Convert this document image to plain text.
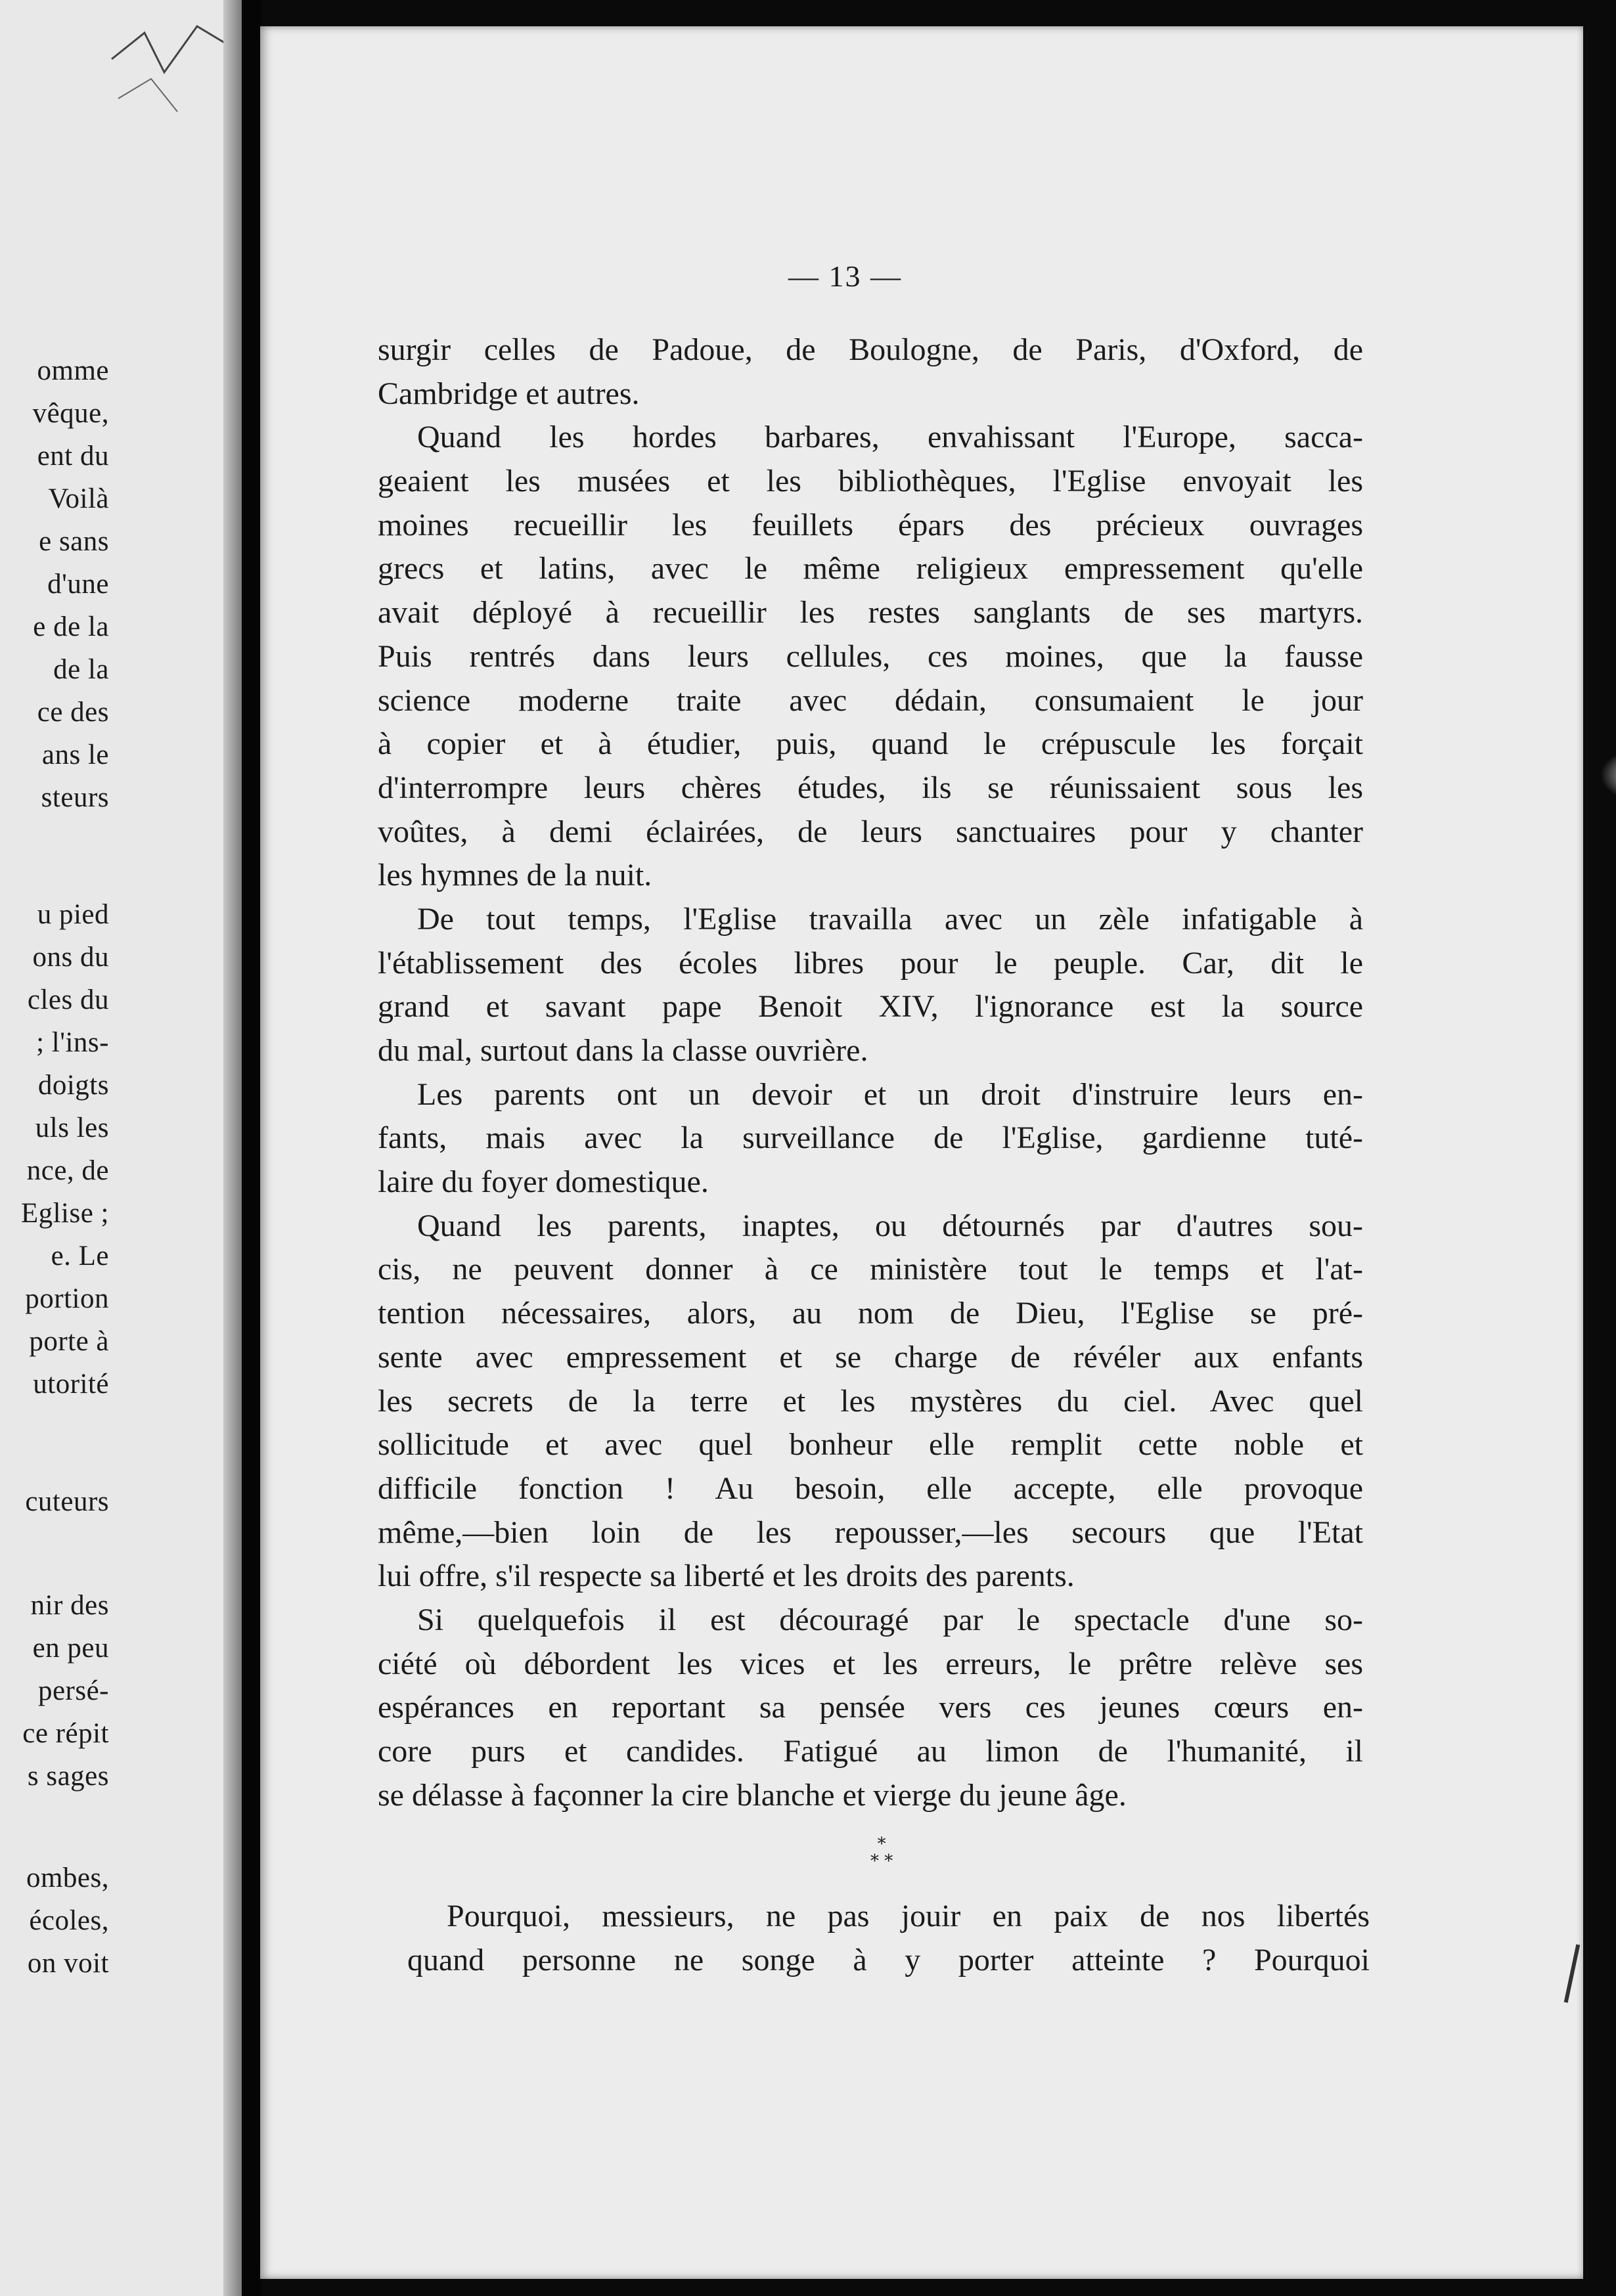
omme
vêque,
ent du
Voilà
e sans
d'une
e de la
de la
ce des
ans le
steurs
u pied
ons du
cles du
; l'ins-
doigts
uls les
nce, de
Eglise ;
e. Le
portion
porte à
utorité
cuteurs
nir des
en peu
persé-
ce répit
s sages
ombes,
écoles,
on voit
— 13 —
surgir celles de Padoue, de Boulogne, de Paris, d'Oxford, de
Cambridge et autres.
Quand les hordes barbares, envahissant l'Europe, sacca-
geaient les musées et les bibliothèques, l'Eglise envoyait les
moines recueillir les feuillets épars des précieux ouvrages
grecs et latins, avec le même religieux empressement qu'elle
avait déployé à recueillir les restes sanglants de ses martyrs.
Puis rentrés dans leurs cellules, ces moines, que la fausse
science moderne traite avec dédain, consumaient le jour
à copier et à étudier, puis, quand le crépuscule les forçait
d'interrompre leurs chères études, ils se réunissaient sous les
voûtes, à demi éclairées, de leurs sanctuaires pour y chanter
les hymnes de la nuit.
De tout temps, l'Eglise travailla avec un zèle infatigable à
l'établissement des écoles libres pour le peuple. Car, dit le
grand et savant pape Benoit XIV, l'ignorance est la source
du mal, surtout dans la classe ouvrière.
Les parents ont un devoir et un droit d'instruire leurs en-
fants, mais avec la surveillance de l'Eglise, gardienne tuté-
laire du foyer domestique.
Quand les parents, inaptes, ou détournés par d'autres sou-
cis, ne peuvent donner à ce ministère tout le temps et l'at-
tention nécessaires, alors, au nom de Dieu, l'Eglise se pré-
sente avec empressement et se charge de révéler aux enfants
les secrets de la terre et les mystères du ciel. Avec quel
sollicitude et avec quel bonheur elle remplit cette noble et
difficile fonction ! Au besoin, elle accepte, elle provoque
même,—bien loin de les repousser,—les secours que l'Etat
lui offre, s'il respecte sa liberté et les droits des parents.
Si quelquefois il est découragé par le spectacle d'une so-
ciété où débordent les vices et les erreurs, le prêtre relève ses
espérances en reportant sa pensée vers ces jeunes cœurs en-
core purs et candides. Fatigué au limon de l'humanité, il
se délasse à façonner la cire blanche et vierge du jeune âge.
*
* *
Pourquoi, messieurs, ne pas jouir en paix de nos libertés
quand personne ne songe à y porter atteinte ? Pourquoi
